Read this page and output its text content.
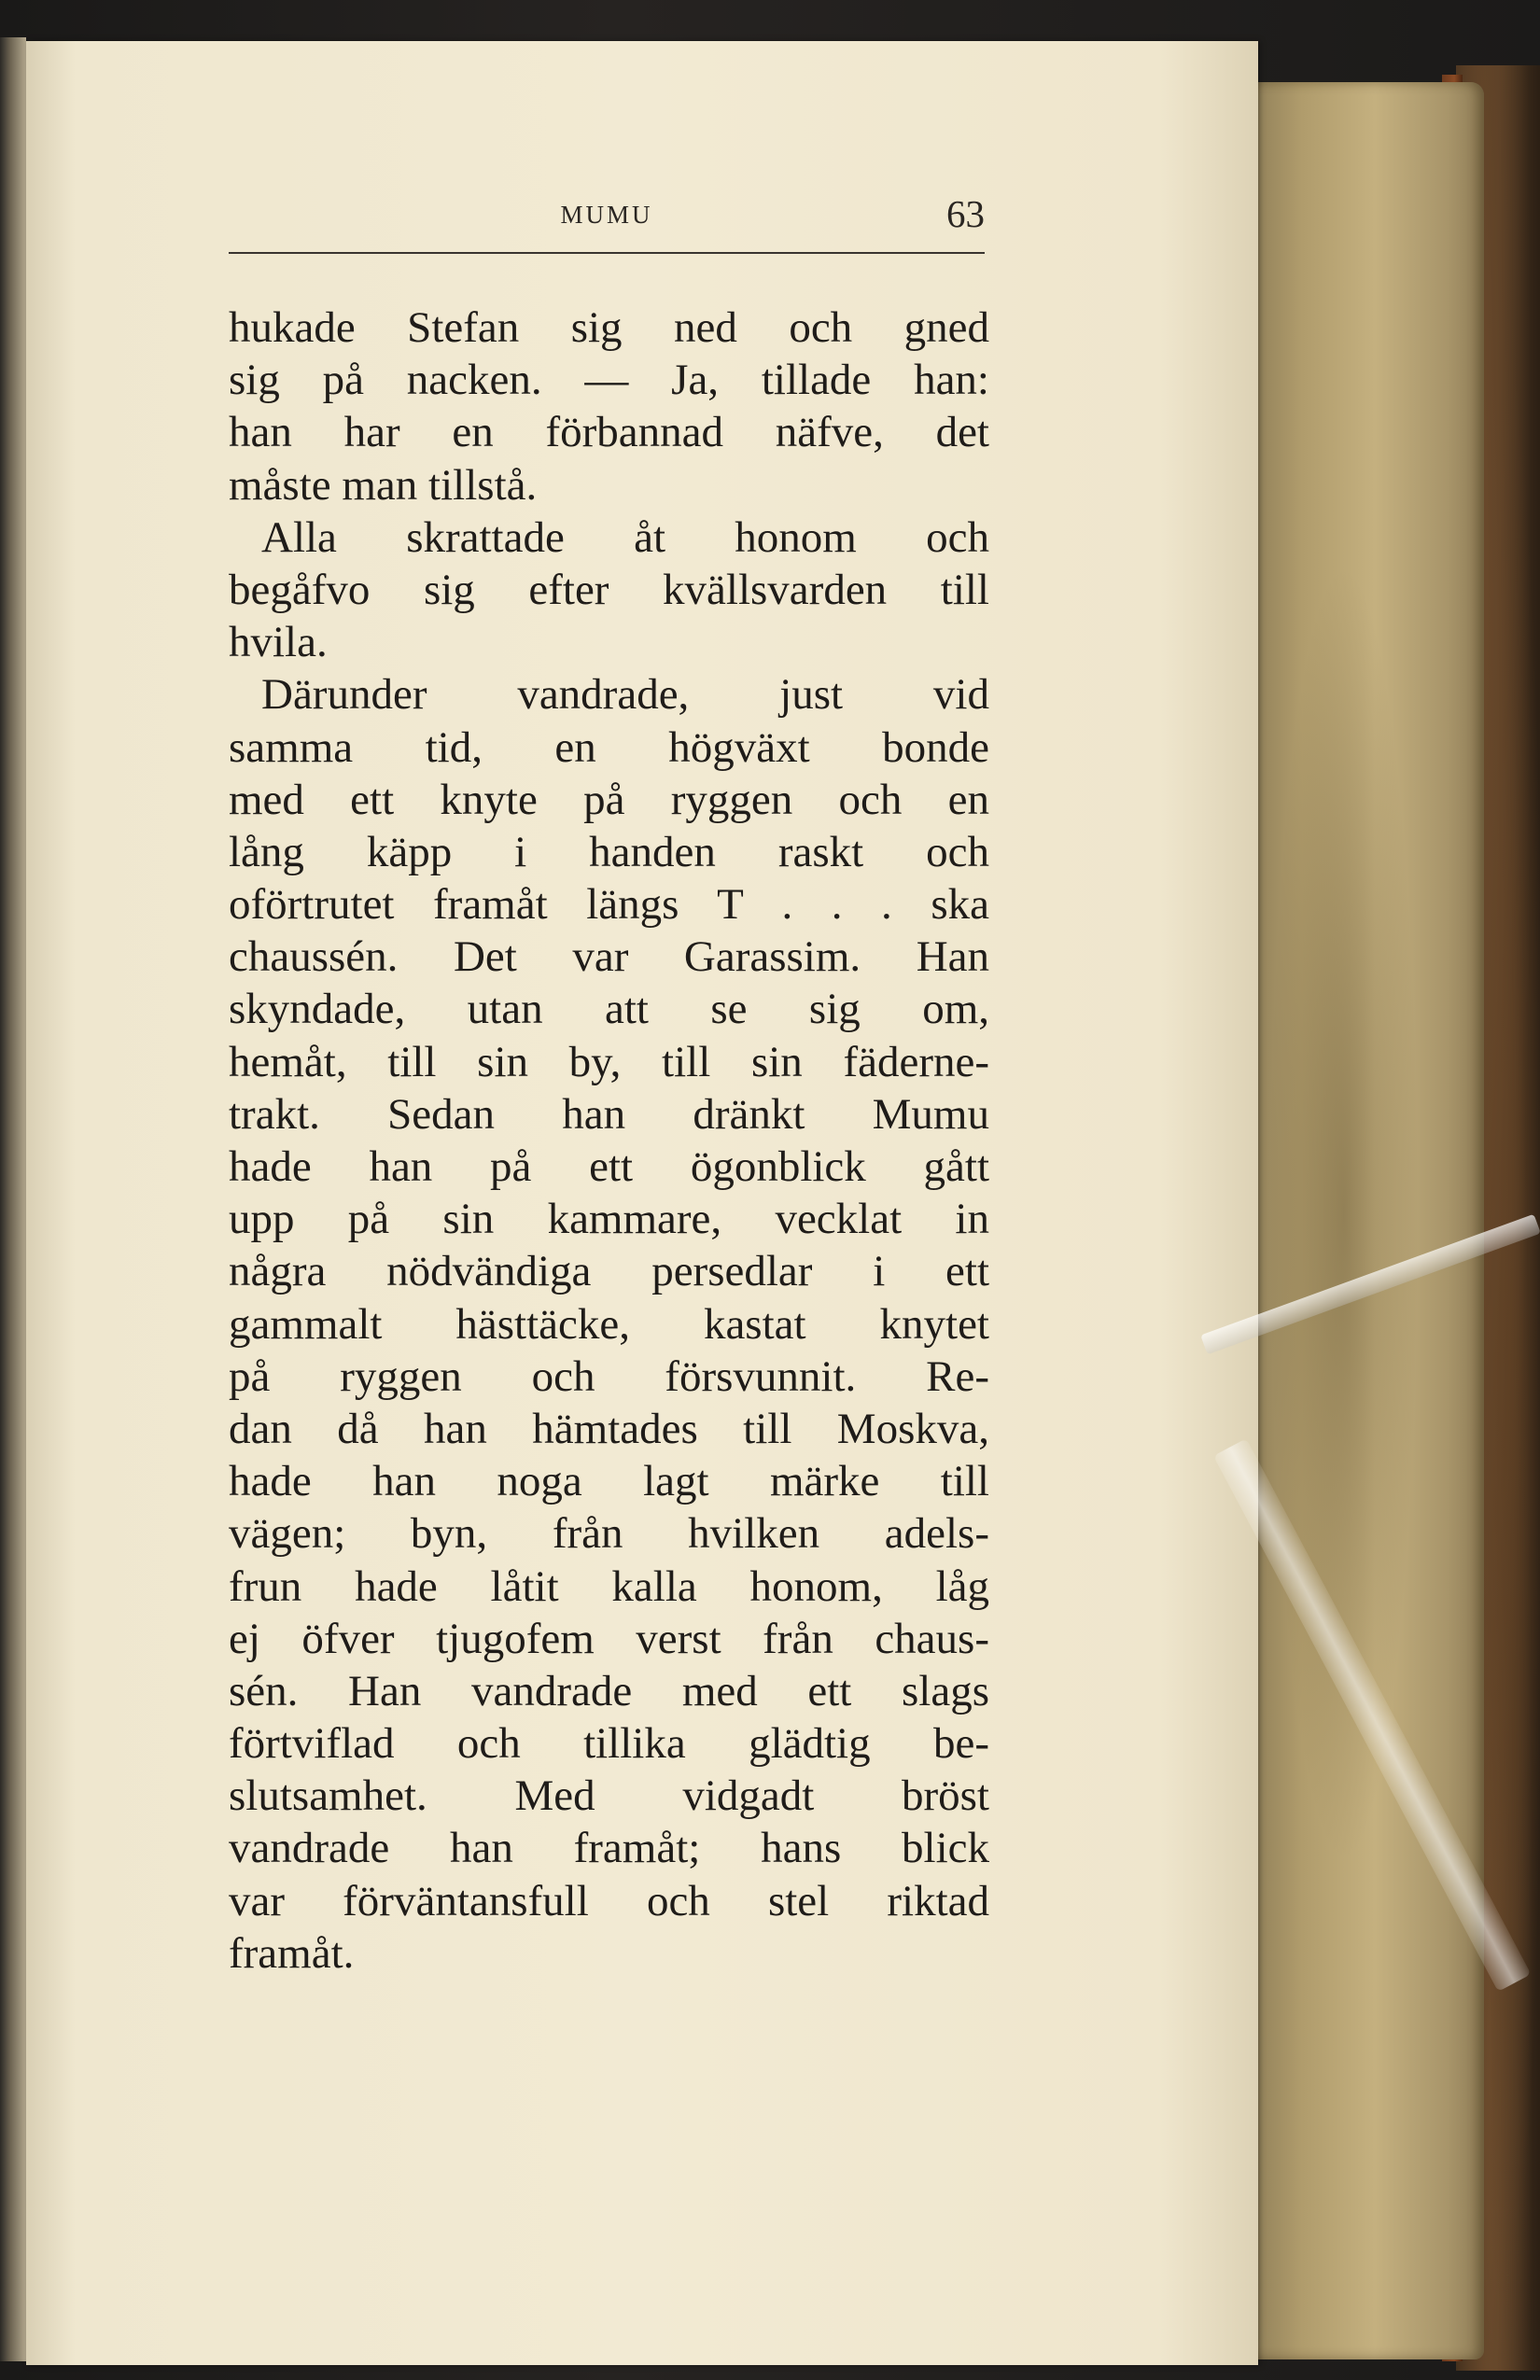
MUMU	63
hukade Stefan sig ned och gned
sig på nacken. — Ja, tillade han:
han har en förbannad näfve, det
måste man tillstå.
Alla skrattade åt honom och
begåfvo sig efter kvällsvarden till
hvila.
Därunder vandrade, just vid
samma tid, en högväxt bonde
med ett knyte på ryggen och en
lång käpp i handen raskt och
oförtrutet framåt längs T . . . ska
chaussén. Det var Garassim. Han
skyndade, utan att se sig om,
hemåt, till sin by, till sin fäderne-
trakt. Sedan han dränkt Mumu
hade han på ett ögonblick gått
upp på sin kammare, vecklat in
några nödvändiga persedlar i ett
gammalt hästtäcke, kastat knytet
på ryggen och försvunnit. Re-
dan då han hämtades till Moskva,
hade han noga lagt märke till
vägen; byn, från hvilken adels-
frun hade låtit kalla honom, låg
ej öfver tjugofem verst från chaus-
sén. Han vandrade med ett slags
förtviflad och tillika glädtig be-
slutsamhet. Med vidgadt bröst
vandrade han framåt; hans blick
var förväntansfull och stel riktad
framåt.
